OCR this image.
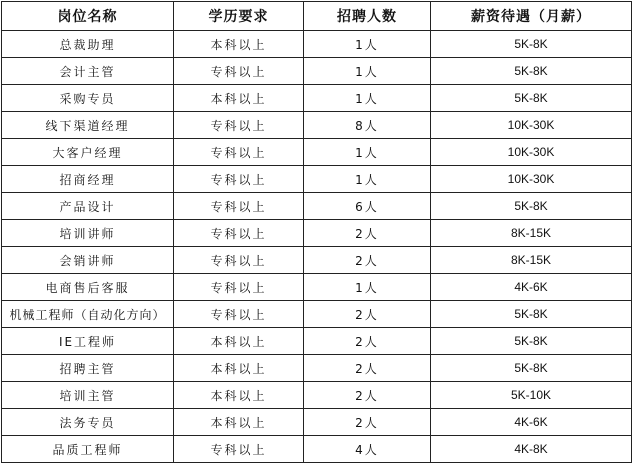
岗位名称	学历要求	招聘人数	薪资待遇（月薪）
总裁助理	本科以上	1人	5K-8K
会计主管	专科以上	1人	5K-8K
采购专员	本科以上	1人	5K-8K
线下渠道经理	专科以上	8人	10K-30K
大客户经理	专科以上	1人	10K-30K
招商经理	专科以上	1人	10K-30K
产品设计	专科以上	6人	5K-8K
培训讲师	专科以上	2人	8K-15K
会销讲师	专科以上	2人	8K-15K
电商售后客服	专科以上	1人	4K-6K
机械工程师（自动化方向）	专科以上	2人	5K-8K
IE工程师	本科以上	2人	5K-8K
招聘主管	本科以上	2人	5K-8K
培训主管	本科以上	2人	5K-10K
法务专员	本科以上	2人	4K-6K
品质工程师	专科以上	4人	4K-8K
